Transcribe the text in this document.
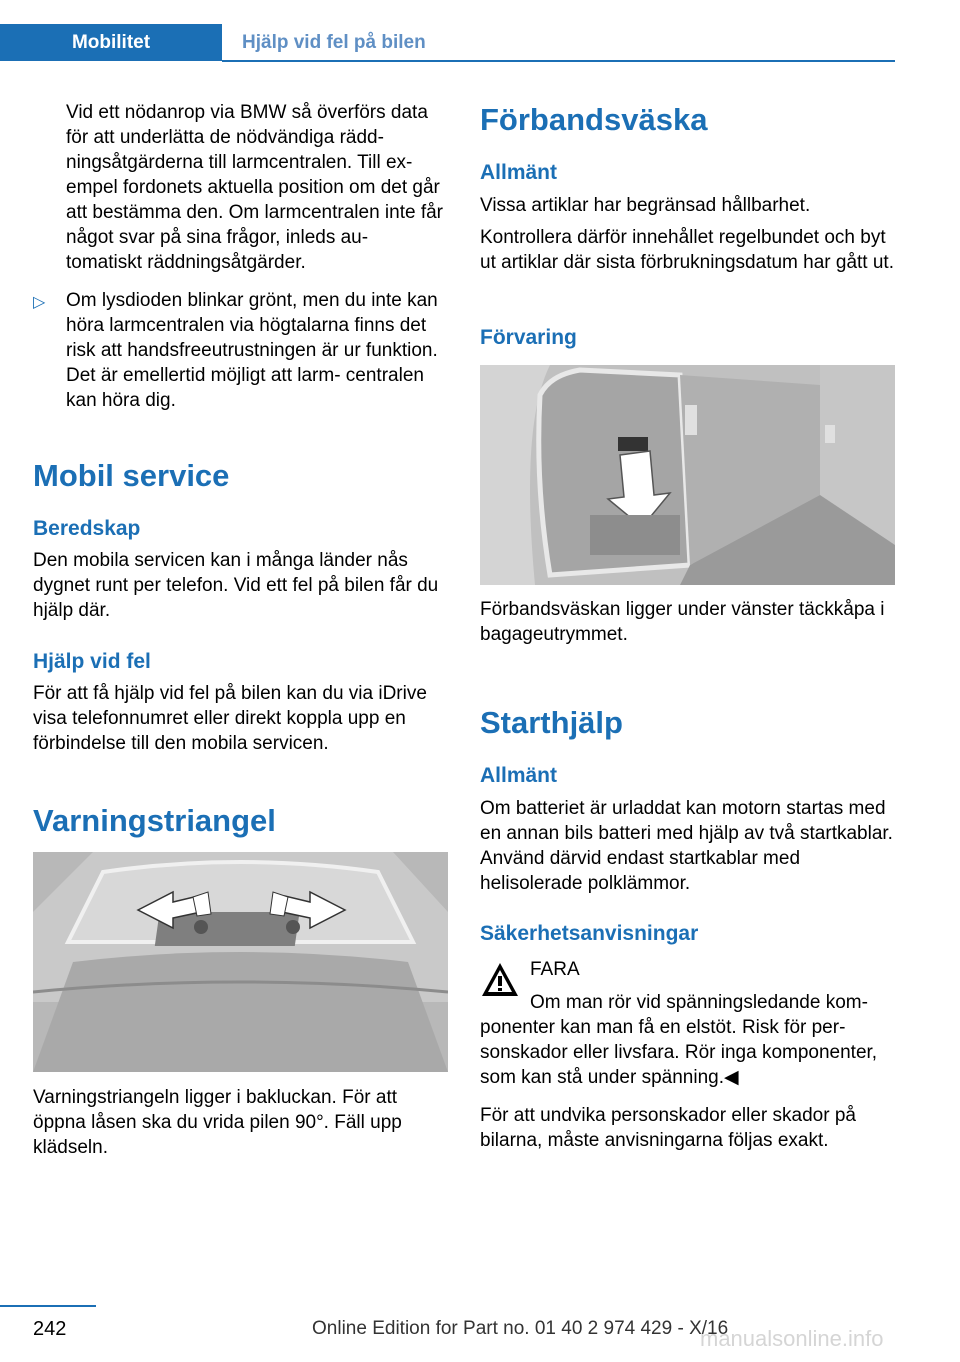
Mobilitet	Hjälp vid fel på bilen

Vid ett nödanrop via BMW så överförs data för att underlätta de nödvändiga rädd- ningsåtgärderna till larmcentralen. Till ex- empel fordonets aktuella position om det går att bestämma den. Om larmcentralen inte får något svar på sina frågor, inleds au- tomatiskt räddningsåtgärder.

▷ Om lysdioden blinkar grönt, men du inte kan höra larmcentralen via högtalarna finns det risk att handsfreeutrustningen är ur funktion. Det är emellertid möjligt att larm- centralen kan höra dig.

Mobil service
Beredskap

Den mobila servicen kan i många länder nås dygnet runt per telefon. Vid ett fel på bilen får du hjälp där.

Hjälp vid fel

För att få hjälp vid fel på bilen kan du via iDrive visa telefonnumret eller direkt koppla upp en förbindelse till den mobila servicen.

Varningstriangel

Varningstriangeln ligger i bakluckan. För att öppna låsen ska du vrida pilen 90°. Fäll upp klädseln.

Förbandsväska
Allmänt

Vissa artiklar har begränsad hållbarhet.

Kontrollera därför innehållet regelbundet och byt ut artiklar där sista förbrukningsdatum har gått ut.

Förvaring

Förbandsväskan ligger under vänster täckkåpa i bagageutrymmet.

Starthjälp
Allmänt

Om batteriet är urladdat kan motorn startas med en annan bils batteri med hjälp av två startkablar. Använd därvid endast startkablar med helisolerade polklämmor.

Säkerhetsanvisningar
FARA

Om man rör vid spänningsledande kom-

ponenter kan man få en elstöt. Risk för per- sonskador eller livsfara. Rör inga komponenter, som kan stå under spänning.◀

För att undvika personskador eller skador på bilarna, måste anvisningarna följas exakt.

242	Online Edition for Part no. 01 40 2 974 429 - X/16
manualsonline.info
